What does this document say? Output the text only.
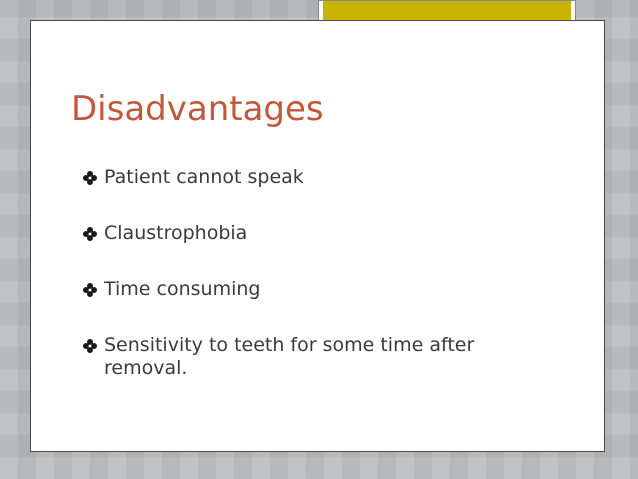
Disadvantages
Patient cannot speak
Claustrophobia
Time consuming
Sensitivity to teeth for some time after removal.
